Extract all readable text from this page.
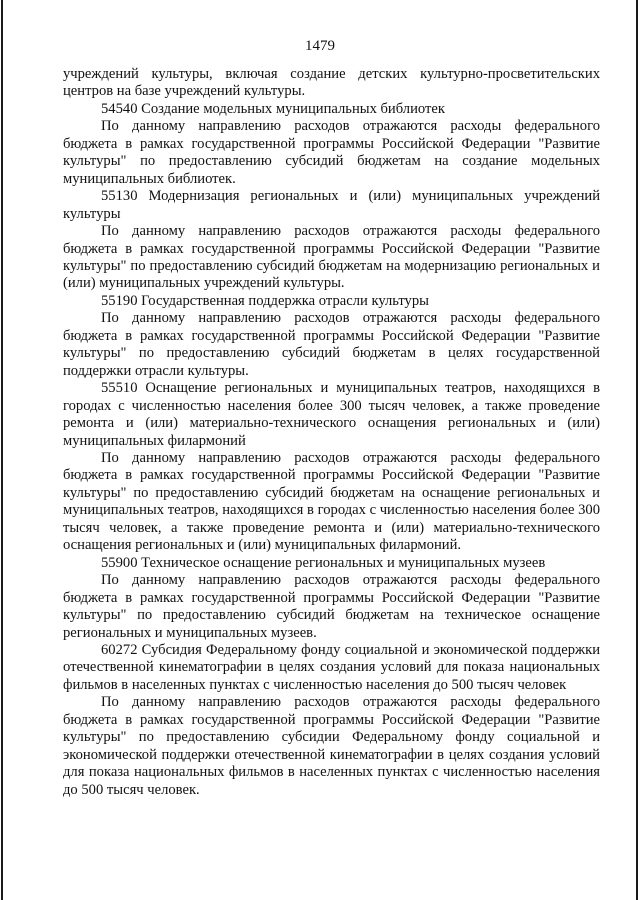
1479

учреждений культуры, включая создание детских культурно-просветительских центров на базе учреждений культуры.

54540 Создание модельных муниципальных библиотек

По данному направлению расходов отражаются расходы федерального бюджета в рамках государственной программы Российской Федерации "Развитие культуры" по предоставлению субсидий бюджетам на создание модельных муниципальных библиотек.

55130 Модернизация региональных и (или) муниципальных учреждений культуры

По данному направлению расходов отражаются расходы федерального бюджета в рамках государственной программы Российской Федерации "Развитие культуры" по предоставлению субсидий бюджетам на модернизацию региональных и (или) муниципальных учреждений культуры.

55190 Государственная поддержка отрасли культуры

По данному направлению расходов отражаются расходы федерального бюджета в рамках государственной программы Российской Федерации "Развитие культуры" по предоставлению субсидий бюджетам в целях государственной поддержки отрасли культуры.

55510 Оснащение региональных и муниципальных театров, находящихся в городах с численностью населения более 300 тысяч человек, а также проведение ремонта и (или) материально-технического оснащения региональных и (или) муниципальных филармоний

По данному направлению расходов отражаются расходы федерального бюджета в рамках государственной программы Российской Федерации "Развитие культуры" по предоставлению субсидий бюджетам на оснащение региональных и муниципальных театров, находящихся в городах с численностью населения более 300 тысяч человек, а также проведение ремонта и (или) материально-технического оснащения региональных и (или) муниципальных филармоний.

55900 Техническое оснащение региональных и муниципальных музеев

По данному направлению расходов отражаются расходы федерального бюджета в рамках государственной программы Российской Федерации "Развитие культуры" по предоставлению субсидий бюджетам на техническое оснащение региональных и муниципальных музеев.

60272 Субсидия Федеральному фонду социальной и экономической поддержки отечественной кинематографии в целях создания условий для показа национальных фильмов в населенных пунктах с численностью населения до 500 тысяч человек

По данному направлению расходов отражаются расходы федерального бюджета в рамках государственной программы Российской Федерации "Развитие культуры" по предоставлению субсидии Федеральному фонду социальной и экономической поддержки отечественной кинематографии в целях создания условий для показа национальных фильмов в населенных пунктах с численностью населения до 500 тысяч человек.
